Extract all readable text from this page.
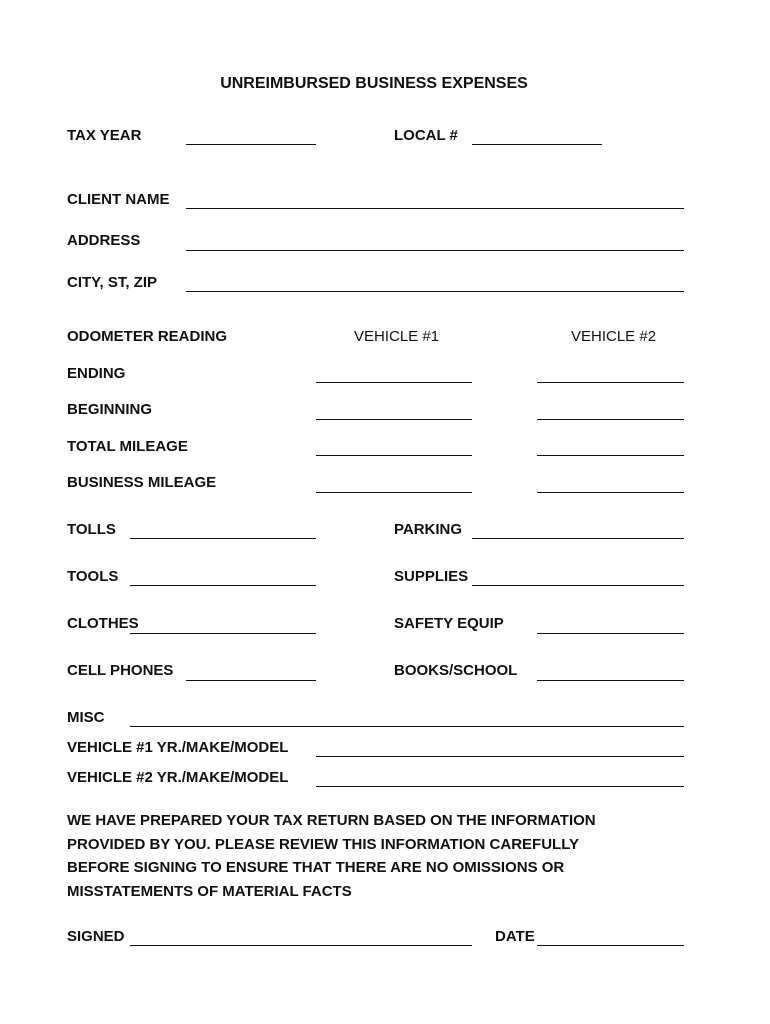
UNREIMBURSED BUSINESS EXPENSES
TAX YEAR	LOCAL #
CLIENT NAME
ADDRESS
CITY, ST, ZIP
ODOMETER READING	VEHICLE #1	VEHICLE #2
ENDING
BEGINNING
TOTAL MILEAGE
BUSINESS MILEAGE
TOLLS	PARKING
TOOLS	SUPPLIES
CLOTHES	SAFETY EQUIP
CELL PHONES	BOOKS/SCHOOL
MISC
VEHICLE #1 YR./MAKE/MODEL
VEHICLE #2 YR./MAKE/MODEL
WE HAVE PREPARED YOUR TAX RETURN BASED ON THE INFORMATION
PROVIDED BY YOU. PLEASE REVIEW THIS INFORMATION CAREFULLY
BEFORE SIGNING TO ENSURE THAT THERE ARE NO OMISSIONS OR
MISSTATEMENTS OF MATERIAL FACTS
SIGNED	DATE
